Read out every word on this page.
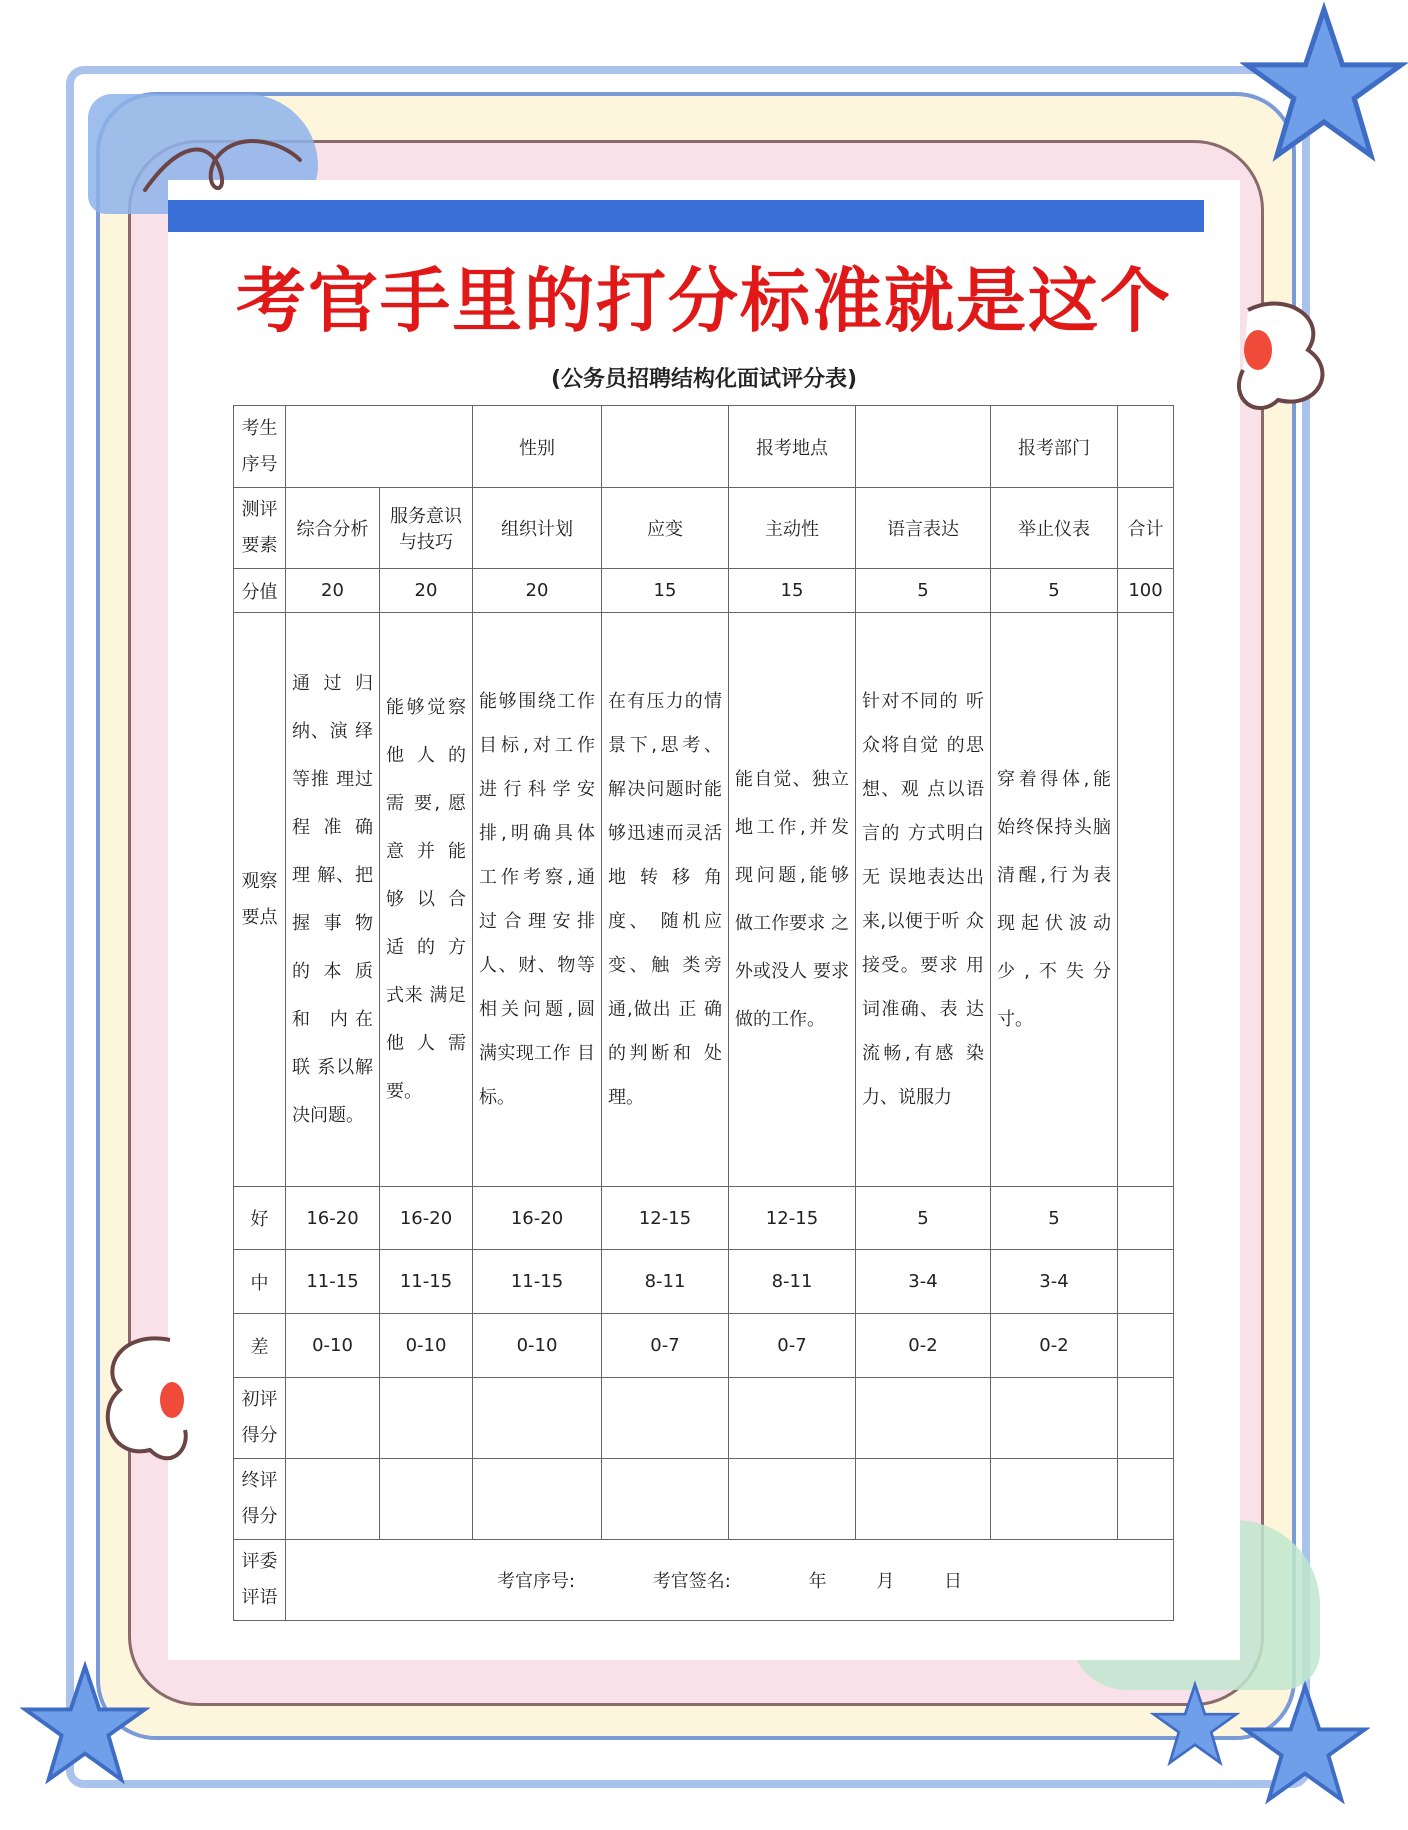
考官手里的打分标准就是这个
(公务员招聘结构化面试评分表)
考生序号			性别		报考地点		报考部门	
测评要素	综合分析	服务意识与技巧	组织计划	应变	主动性	语言表达	举止仪表	合计
分值	20	20	20	15	15	5	5	100
观察要点	通 过 归 纳、演 绎 等推 理过 程 准 确 理 解、把握 事 物 的 本 质和 内在 联 系以解 决问题。	能够觉察 他 人 的 需 要, 愿意 并 能 够 以 合 适 的 方 式来 满足 他 人 需 要。	能够围绕工作目标,对工作 进行科学安 排,明确具体 工作考察,通 过合理安排 人、财、物等 相关问题,圆 满实现工作 目标。	在有压力的情 景下,思考、 解决问题时能 够迅速而灵活 地 转 移 角 度、 随机应 变、触 类旁 通,做出 正 确的判断和 处理。	能自觉、独立 地工作,并发 现问题,能够 做工作要求 之 外或没人 要求 做的工作。	针对不同的 听 众将自觉 的思 想、观 点以语 言的 方式明白 无 误地表达出 来,以便于听 众接受。要求 用词准确、表 达流畅,有感 染力、说服力	穿着得体,能 始终保持头脑 清醒,行为表 现起伏波动 少,不失分 寸。	
好	16-20	16-20	16-20	12-15	12-15	5	5	
中	11-15	11-15	11-15	8-11	8-11	3-4	3-4	
差	0-10	0-10	0-10	0-7	0-7	0-2	0-2	
初评得分								
终评得分								
评委评语	考官序号: 考官签名: 年 月 日							
